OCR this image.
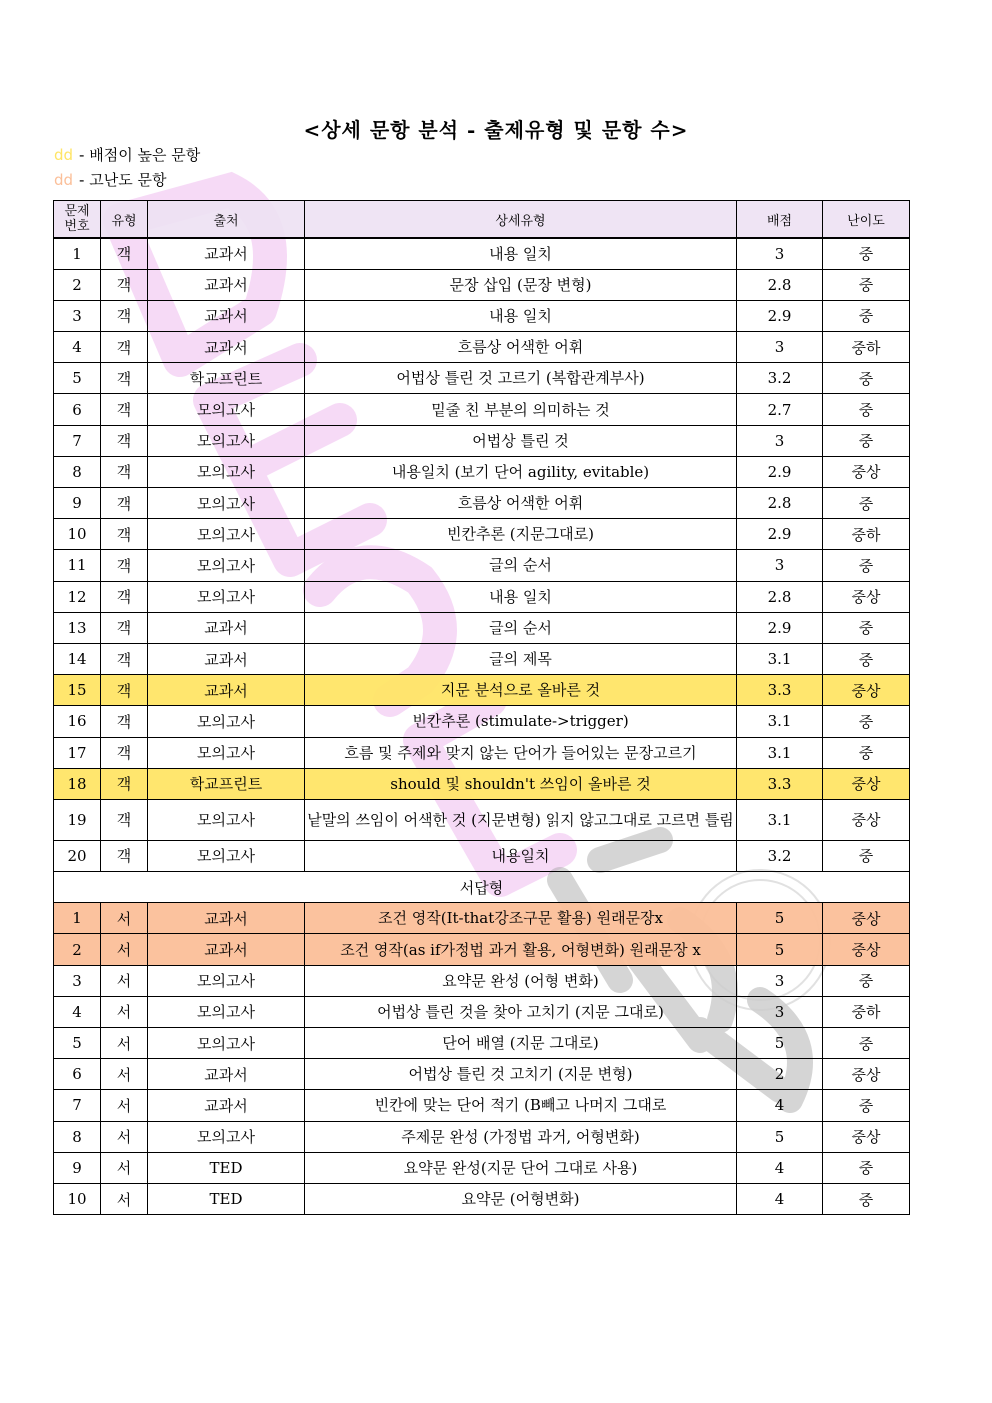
<상세 문항 분석 - 출제유형 및 문항 수>
dd - 배점이 높은 문항
dd - 고난도 문항
문제
번호	유형	출처	상세유형	배점	난이도
1	객	교과서	내용 일치	3	중
2	객	교과서	문장 삽입 (문장 변형)	2.8	중
3	객	교과서	내용 일치	2.9	중
4	객	교과서	흐름상 어색한 어휘	3	중하
5	객	학교프린트	어법상 틀린 것 고르기 (복합관계부사)	3.2	중
6	객	모의고사	밑줄 친 부분의 의미하는 것	2.7	중
7	객	모의고사	어법상 틀린 것	3	중
8	객	모의고사	내용일치 (보기 단어 agility, evitable)	2.9	중상
9	객	모의고사	흐름상 어색한 어휘	2.8	중
10	객	모의고사	빈칸추론 (지문그대로)	2.9	중하
11	객	모의고사	글의 순서	3	중
12	객	모의고사	내용 일치	2.8	중상
13	객	교과서	글의 순서	2.9	중
14	객	교과서	글의 제목	3.1	중
15	객	교과서	지문 분석으로 올바른 것	3.3	중상
16	객	모의고사	빈칸추론 (stimulate->trigger)	3.1	중
17	객	모의고사	흐름 및 주제와 맞지 않는 단어가 들어있는 문장고르기	3.1	중
18	객	학교프린트	should 및 shouldn't 쓰임이 올바른 것	3.3	중상
19	객	모의고사	낱말의 쓰임이 어색한 것 (지문변형) 읽지 않고그대로 고르면 틀림	3.1	중상
20	객	모의고사	내용일치	3.2	중
서답형					
1	서	교과서	조건 영작(It-that강조구문 활용) 원래문장x	5	중상
2	서	교과서	조건 영작(as if가정법 과거 활용, 어형변화) 원래문장 x	5	중상
3	서	모의고사	요약문 완성 (어형 변화)	3	중
4	서	모의고사	어법상 틀린 것을 찾아 고치기 (지문 그대로)	3	중하
5	서	모의고사	단어 배열 (지문 그대로)	5	중
6	서	교과서	어법상 틀린 것 고치기 (지문 변형)	2	중상
7	서	교과서	빈칸에 맞는 단어 적기 (B빼고 나머지 그대로	4	중
8	서	모의고사	주제문 완성 (가정법 과거, 어형변화)	5	중상
9	서	TED	요약문 완성(지문 단어 그대로 사용)	4	중
10	서	TED	요약문 (어형변화)	4	중
